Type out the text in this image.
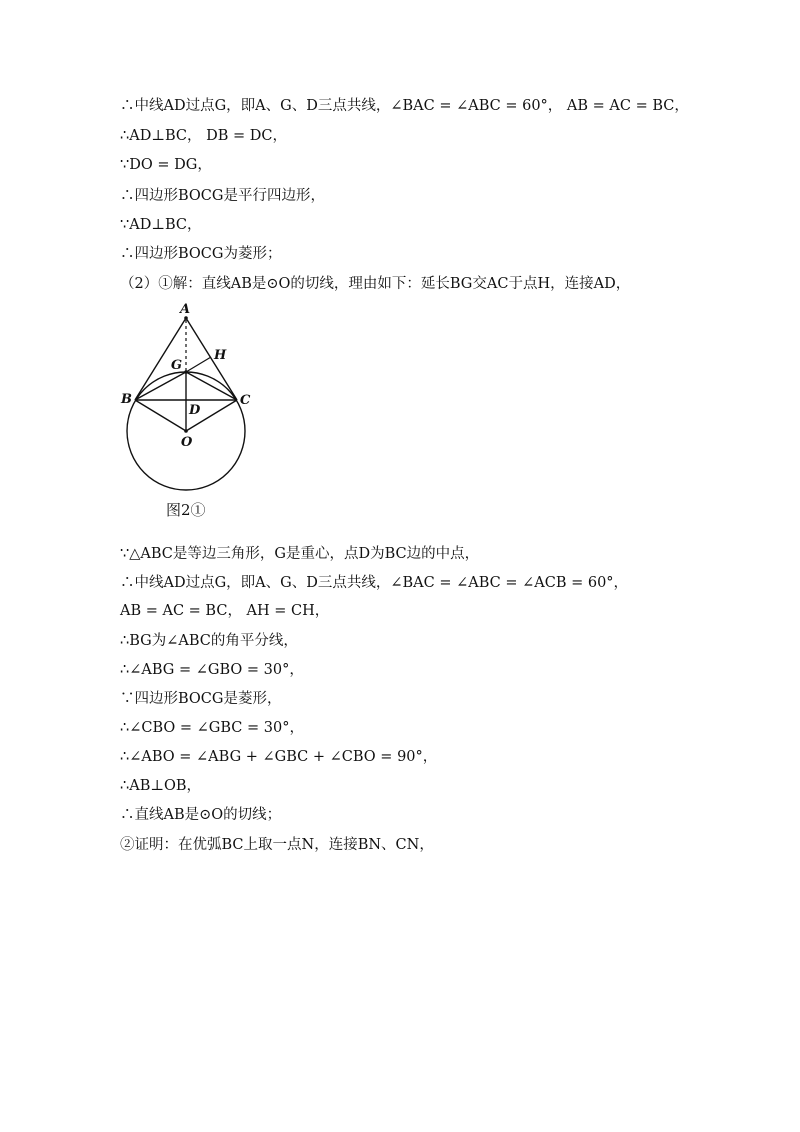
∴中线AD过点G，即A、G、D三点共线，∠BAC = ∠ABC = 60°， AB = AC = BC，
∴AD⊥BC， DB = DC，
∵DO = DG，
∴四边形BOCG是平行四边形，
∵AD⊥BC，
∴四边形BOCG为菱形；
（2）①解：直线AB是⊙O的切线，理由如下：延长BG交AC于点H，连接AD，
A
G
H
B	C
D
O
图2①
∵△ABC是等边三角形，G是重心，点D为BC边的中点，
∴中线AD过点G，即A、G、D三点共线，∠BAC = ∠ABC = ∠ACB = 60°，
AB = AC = BC， AH = CH，
∴BG为∠ABC的角平分线，
∴∠ABG = ∠GBO = 30°，
∵四边形BOCG是菱形，
∴∠CBO = ∠GBC = 30°，
∴∠ABO = ∠ABG + ∠GBC + ∠CBO = 90°，
∴AB⊥OB，
∴直线AB是⊙O的切线；
②证明：在优弧BC上取一点N，连接BN、CN，
